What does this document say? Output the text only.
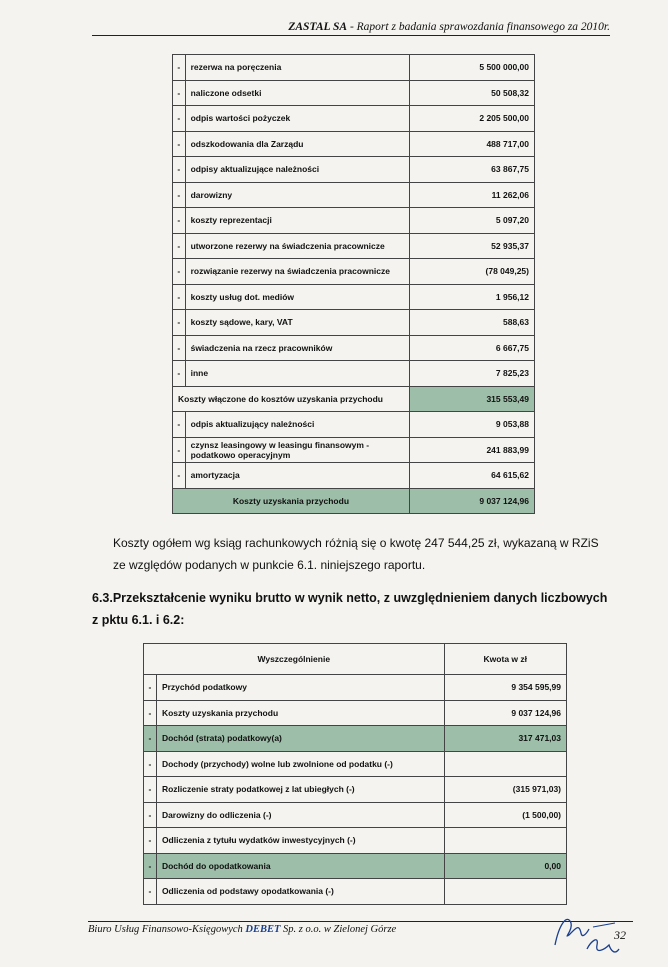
ZASTAL SA - Raport z badania sprawozdania finansowego za 2010r.
-	rezerwa na poręczenia	5 500 000,00
-	naliczone odsetki	50 508,32
-	odpis wartości pożyczek	2 205 500,00
-	odszkodowania dla Zarządu	488 717,00
-	odpisy aktualizujące należności	63 867,75
-	darowizny	11 262,06
-	koszty reprezentacji	5 097,20
-	utworzone rezerwy na świadczenia pracownicze	52 935,37
-	rozwiązanie rezerwy na świadczenia pracownicze	(78 049,25)
-	koszty usług dot. mediów	1 956,12
-	koszty sądowe, kary, VAT	588,63
-	świadczenia na rzecz pracowników	6 667,75
-	inne	7 825,23
Koszty włączone do kosztów uzyskania przychodu		315 553,49
-	odpis aktualizujący należności	9 053,88
-	czynsz leasingowy w leasingu finansowym - podatkowo operacyjnym	241 883,99
-	amortyzacja	64 615,62
Koszty uzyskania przychodu		9 037 124,96
Koszty ogółem wg ksiąg rachunkowych różnią się o kwotę 247 544,25 zł, wykazaną w RZiS ze względów podanych w punkcie 6.1. niniejszego raportu.
6.3.Przekształcenie wyniku brutto w wynik netto, z uwzględnieniem danych liczbowych z pktu 6.1. i 6.2:
Wyszczególnienie		Kwota w zł
-	Przychód podatkowy	9 354 595,99
-	Koszty uzyskania przychodu	9 037 124,96
-	Dochód (strata) podatkowy(a)	317 471,03
-	Dochody (przychody) wolne lub zwolnione od podatku (-)	
-	Rozliczenie straty podatkowej z lat ubiegłych (-)	(315 971,03)
-	Darowizny do odliczenia (-)	(1 500,00)
-	Odliczenia z tytułu wydatków inwestycyjnych (-)	
-	Dochód do opodatkowania	0,00
-	Odliczenia od podstawy opodatkowania (-)	
Biuro Usług Finansowo-Księgowych DEBET Sp. z o.o. w Zielonej Górze	32
